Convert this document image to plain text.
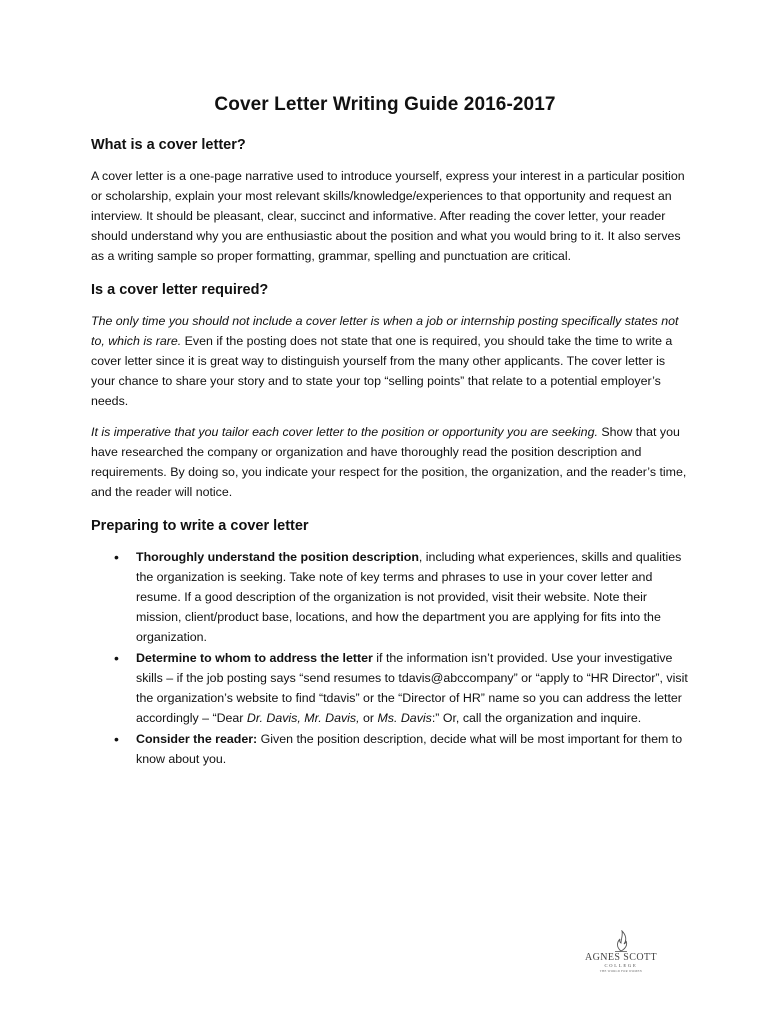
Cover Letter Writing Guide 2016-2017
What is a cover letter?

A cover letter is a one-page narrative used to introduce yourself, express your interest in a particular position or scholarship, explain your most relevant skills/knowledge/experiences to that opportunity and request an interview. It should be pleasant, clear, succinct and informative. After reading the cover letter, your reader should understand why you are enthusiastic about the position and what you would bring to it. It also serves as a writing sample so proper formatting, grammar, spelling and punctuation are critical.

Is a cover letter required?

The only time you should not include a cover letter is when a job or internship posting specifically states not to, which is rare. Even if the posting does not state that one is required, you should take the time to write a cover letter since it is great way to distinguish yourself from the many other applicants. The cover letter is your chance to share your story and to state your top “selling points” that relate to a potential employer’s needs.

It is imperative that you tailor each cover letter to the position or opportunity you are seeking. Show that you have researched the company or organization and have thoroughly read the position description and requirements. By doing so, you indicate your respect for the position, the organization, and the reader’s time, and the reader will notice.

Preparing to write a cover letter
• Thoroughly understand the position description, including what experiences, skills and qualities the organization is seeking. Take note of key terms and phrases to use in your cover letter and resume. If a good description of the organization is not provided, visit their website. Note their mission, client/product base, locations, and how the department you are applying for fits into the organization.
• Determine to whom to address the letter if the information isn’t provided. Use your investigative skills – if the job posting says “send resumes to tdavis@abccompany” or “apply to “HR Director”, visit the organization’s website to find “tdavis” or the “Director of HR” name so you can address the letter accordingly – “Dear Dr. Davis, Mr. Davis, or Ms. Davis:” Or, call the organization and inquire.
• Consider the reader: Given the position description, decide what will be most important for them to know about you.
AGNES SCOTT
COLLEGE
THE WORLD FOR WOMEN
